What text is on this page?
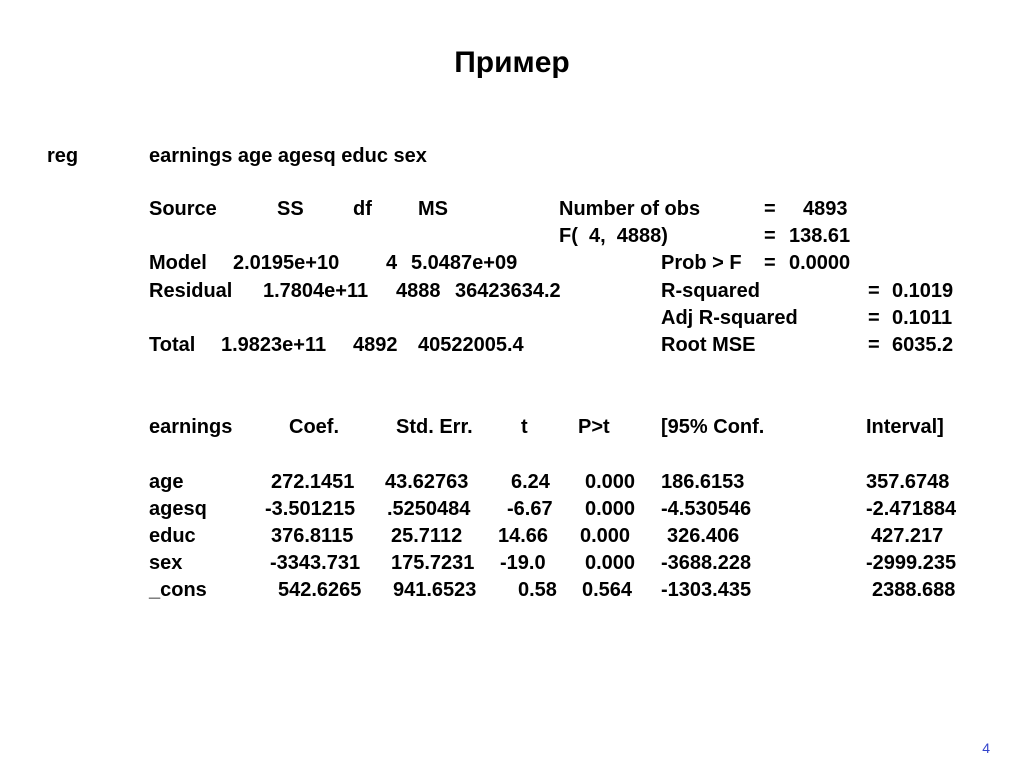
Пример
reg	earnings age agesq educ sex
Source	SS df MS	Number of obs	= 4893
F(  4,  4888)	= 138.61
Model 2.0195e+10 4 5.0487e+09	Prob > F = 0.0000
Residual 1.7804e+11 4888 36423634.2	R-squared	= 0.1019
Adj R-squared	= 0.1011
Total 1.9823e+11 4892 40522005.4	Root MSE	= 6035.2
earnings	Coef.	Std. Err. t	P>t	[95% Conf.	Interval]
age	272.1451 43.62763 6.24 0.000 186.6153	357.6748
agesq	-3.501215 .5250484 -6.67 0.000 -4.530546	-2.471884
educ	376.8115 25.7112 14.66 0.000 326.406	427.217
sex	-3343.731 175.7231 -19.0 0.000 -3688.228	-2999.235
_cons	542.6265 941.6523 0.58 0.564 -1303.435	2388.688
4
